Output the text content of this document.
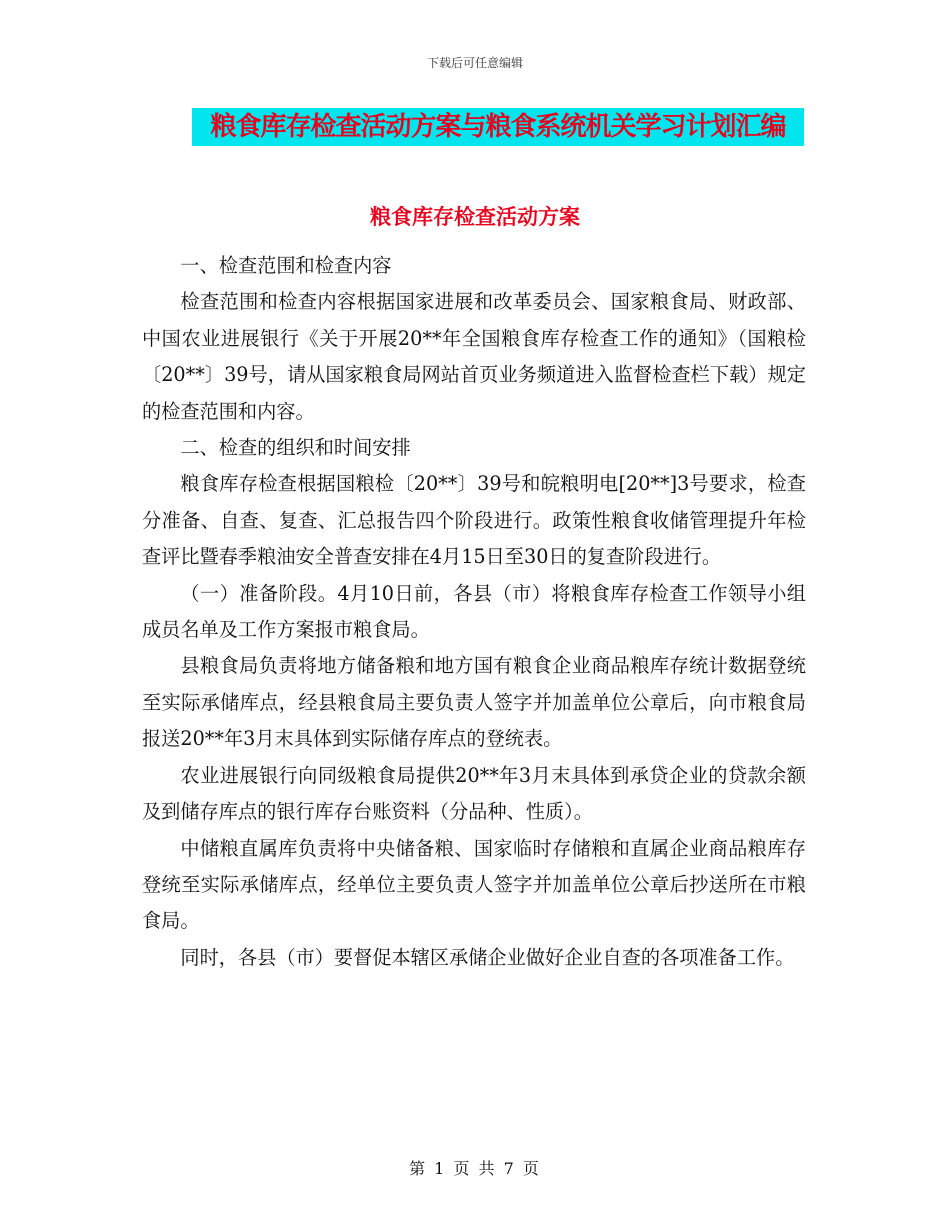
下载后可任意编辑
粮食库存检查活动方案与粮食系统机关学习计划汇编
粮食库存检查活动方案

一、检查范围和检查内容

检查范围和检查内容根据国家进展和改革委员会、国家粮食局、财政部、中国农业进展银行《关于开展20**年全国粮食库存检查工作的通知》（国粮检〔20**〕39号，请从国家粮食局网站首页业务频道进入监督检查栏下载）规定的检查范围和内容。

二、检查的组织和时间安排

粮食库存检查根据国粮检〔20**〕39号和皖粮明电[20**]3号要求，检查分准备、自查、复查、汇总报告四个阶段进行。政策性粮食收储管理提升年检查评比暨春季粮油安全普查安排在4月15日至30日的复查阶段进行。

（一）准备阶段。4月10日前，各县（市）将粮食库存检查工作领导小组成员名单及工作方案报市粮食局。

县粮食局负责将地方储备粮和地方国有粮食企业商品粮库存统计数据登统至实际承储库点，经县粮食局主要负责人签字并加盖单位公章后，向市粮食局报送20**年3月末具体到实际储存库点的登统表。

农业进展银行向同级粮食局提供20**年3月末具体到承贷企业的贷款余额及到储存库点的银行库存台账资料（分品种、性质）。

中储粮直属库负责将中央储备粮、国家临时存储粮和直属企业商品粮库存登统至实际承储库点，经单位主要负责人签字并加盖单位公章后抄送所在市粮食局。

同时，各县（市）要督促本辖区承储企业做好企业自查的各项准备工作。

第 1 页 共 7 页
